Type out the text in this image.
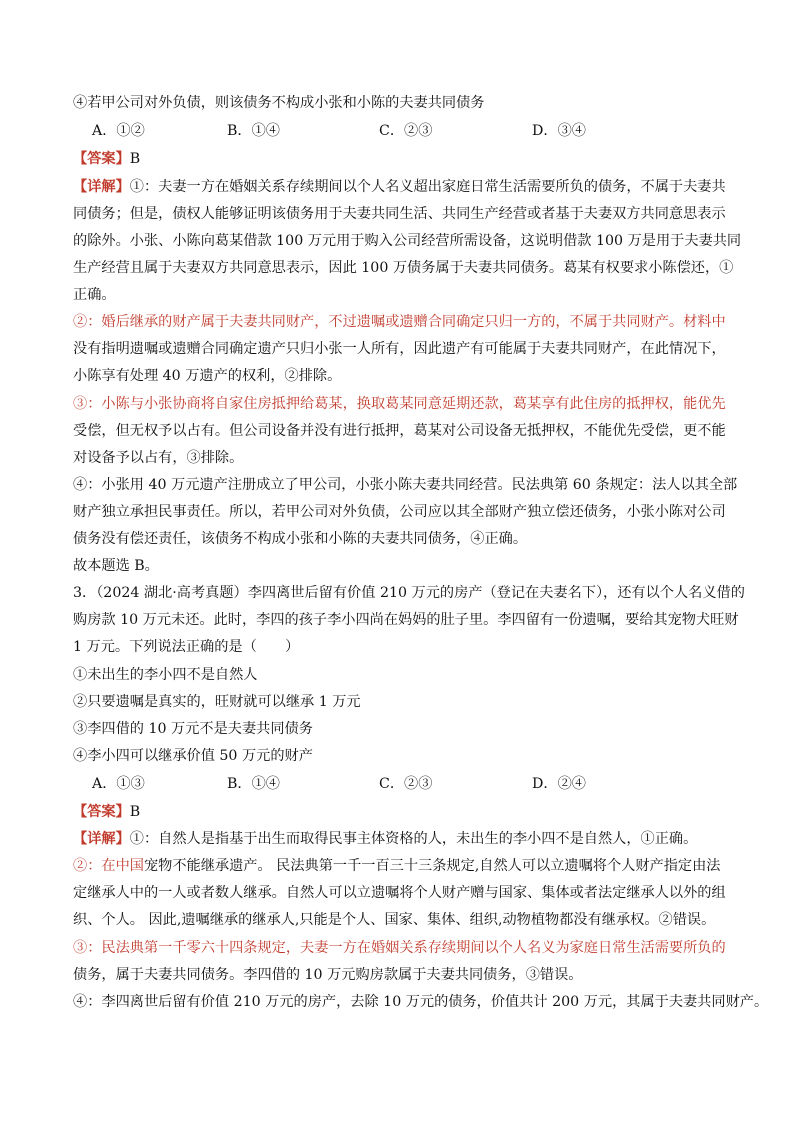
④若甲公司对外负债，则该债务不构成小张和小陈的夫妻共同债务
A．①②	B．①④	C．②③	D．③④
【答案】B
【详解】①：夫妻一方在婚姻关系存续期间以个人名义超出家庭日常生活需要所负的债务，不属于夫妻共
同债务；但是，债权人能够证明该债务用于夫妻共同生活、共同生产经营或者基于夫妻双方共同意思表示
的除外。小张、小陈向葛某借款 100 万元用于购入公司经营所需设备，这说明借款 100 万是用于夫妻共同
生产经营且属于夫妻双方共同意思表示，因此 100 万债务属于夫妻共同债务。葛某有权要求小陈偿还，①
正确。
②：婚后继承的财产属于夫妻共同财产，不过遗嘱或遗赠合同确定只归一方的，不属于共同财产。材料中
没有指明遗嘱或遗赠合同确定遗产只归小张一人所有，因此遗产有可能属于夫妻共同财产，在此情况下，
小陈享有处理 40 万遗产的权利，②排除。
③：小陈与小张协商将自家住房抵押给葛某，换取葛某同意延期还款，葛某享有此住房的抵押权，能优先
受偿，但无权予以占有。但公司设备并没有进行抵押，葛某对公司设备无抵押权，不能优先受偿，更不能
对设备予以占有，③排除。
④：小张用 40 万元遗产注册成立了甲公司，小张小陈夫妻共同经营。民法典第 60 条规定：法人以其全部
财产独立承担民事责任。所以，若甲公司对外负债，公司应以其全部财产独立偿还债务，小张小陈对公司
债务没有偿还责任，该债务不构成小张和小陈的夫妻共同债务，④正确。
故本题选 B。
3．（2024 湖北·高考真题）李四离世后留有价值 210 万元的房产（登记在夫妻名下），还有以个人名义借的
购房款 10 万元未还。此时，李四的孩子李小四尚在妈妈的肚子里。李四留有一份遗嘱，要给其宠物犬旺财
1 万元。下列说法正确的是（　　）
①未出生的李小四不是自然人
②只要遗嘱是真实的，旺财就可以继承 1 万元
③李四借的 10 万元不是夫妻共同债务
④李小四可以继承价值 50 万元的财产
A．①③	B．①④	C．②③	D．②④
【答案】B
【详解】①：自然人是指基于出生而取得民事主体资格的人，未出生的李小四不是自然人，①正确。
②：在中国宠物不能继承遗产。 民法典第一千一百三十三条规定,自然人可以立遗嘱将个人财产指定由法
定继承人中的一人或者数人继承。自然人可以立遗嘱将个人财产赠与国家、集体或者法定继承人以外的组
织、个人。 因此,遗嘱继承的继承人,只能是个人、国家、集体、组织,动物植物都没有继承权。②错误。
③：民法典第一千零六十四条规定，夫妻一方在婚姻关系存续期间以个人名义为家庭日常生活需要所负的
债务，属于夫妻共同债务。李四借的 10 万元购房款属于夫妻共同债务，③错误。
④：李四离世后留有价值 210 万元的房产，去除 10 万元的债务，价值共计 200 万元，其属于夫妻共同财产。
